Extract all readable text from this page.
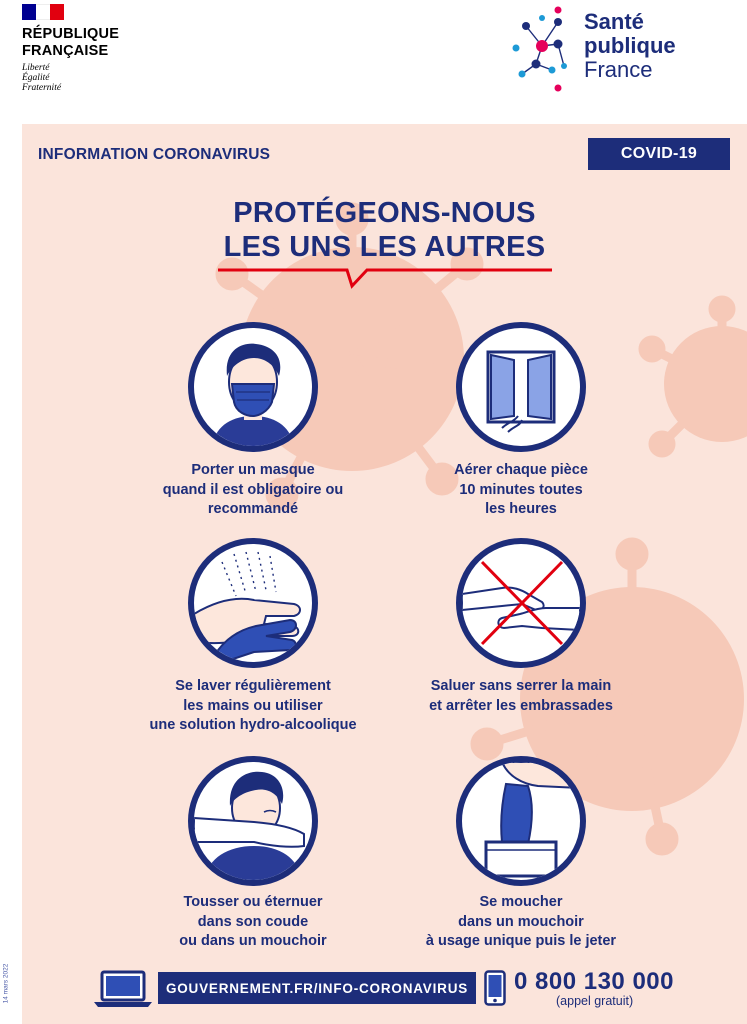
RÉPUBLIQUE
FRANÇAISE
Liberté
Égalité
Fraternité
Santé
publique
France
INFORMATION CORONAVIRUS	COVID-19
PROTÉGEONS-NOUS
LES UNS LES AUTRES
Porter un masque
quand il est obligatoire ou
recommandé
Aérer chaque pièce
10 minutes toutes
les heures
Se laver régulièrement
les mains ou utiliser
une solution hydro-alcoolique
Saluer sans serrer la main
et arrêter les embrassades
Tousser ou éternuer
dans son coude
ou dans un mouchoir
Se moucher
dans un mouchoir
à usage unique puis le jeter
GOUVERNEMENT.FR/INFO-CORONAVIRUS	0 800 130 000
(appel gratuit)
14 mars 2022
